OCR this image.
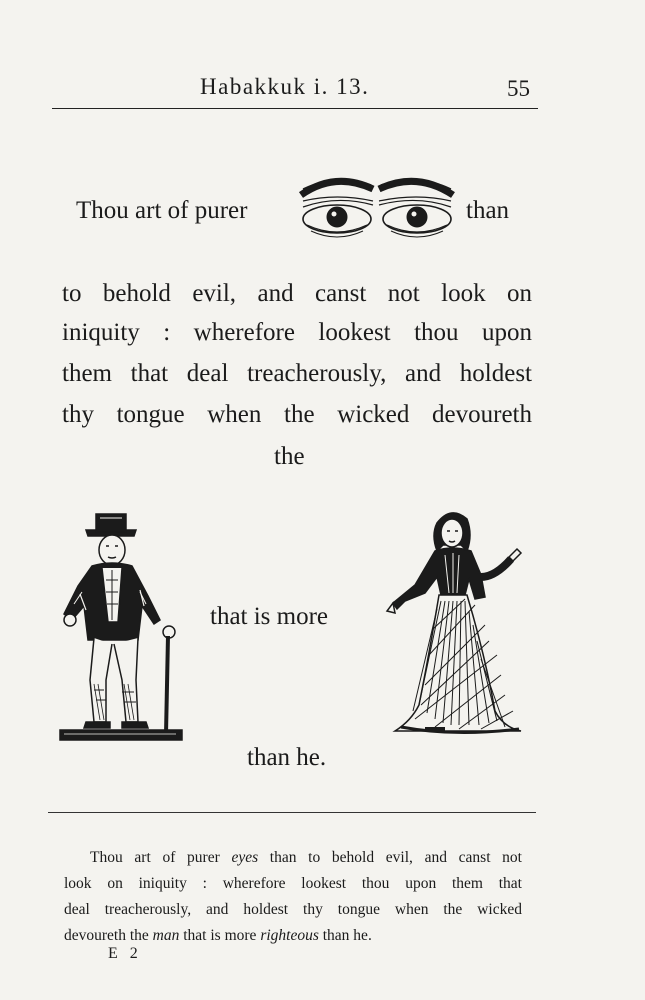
Habakkuk i. 13.	55
Thou art of purer	than
to behold evil, and canst not look on
iniquity : wherefore lookest thou upon
them that deal treacherously, and holdest
thy tongue when the wicked devoureth
the
that is more
than he.
Thou art of purer eyes than to behold evil, and canst not
look on iniquity : wherefore lookest thou upon them that
deal treacherously, and holdest thy tongue when the wicked
devoureth the man that is more righteous than he.
E 2
